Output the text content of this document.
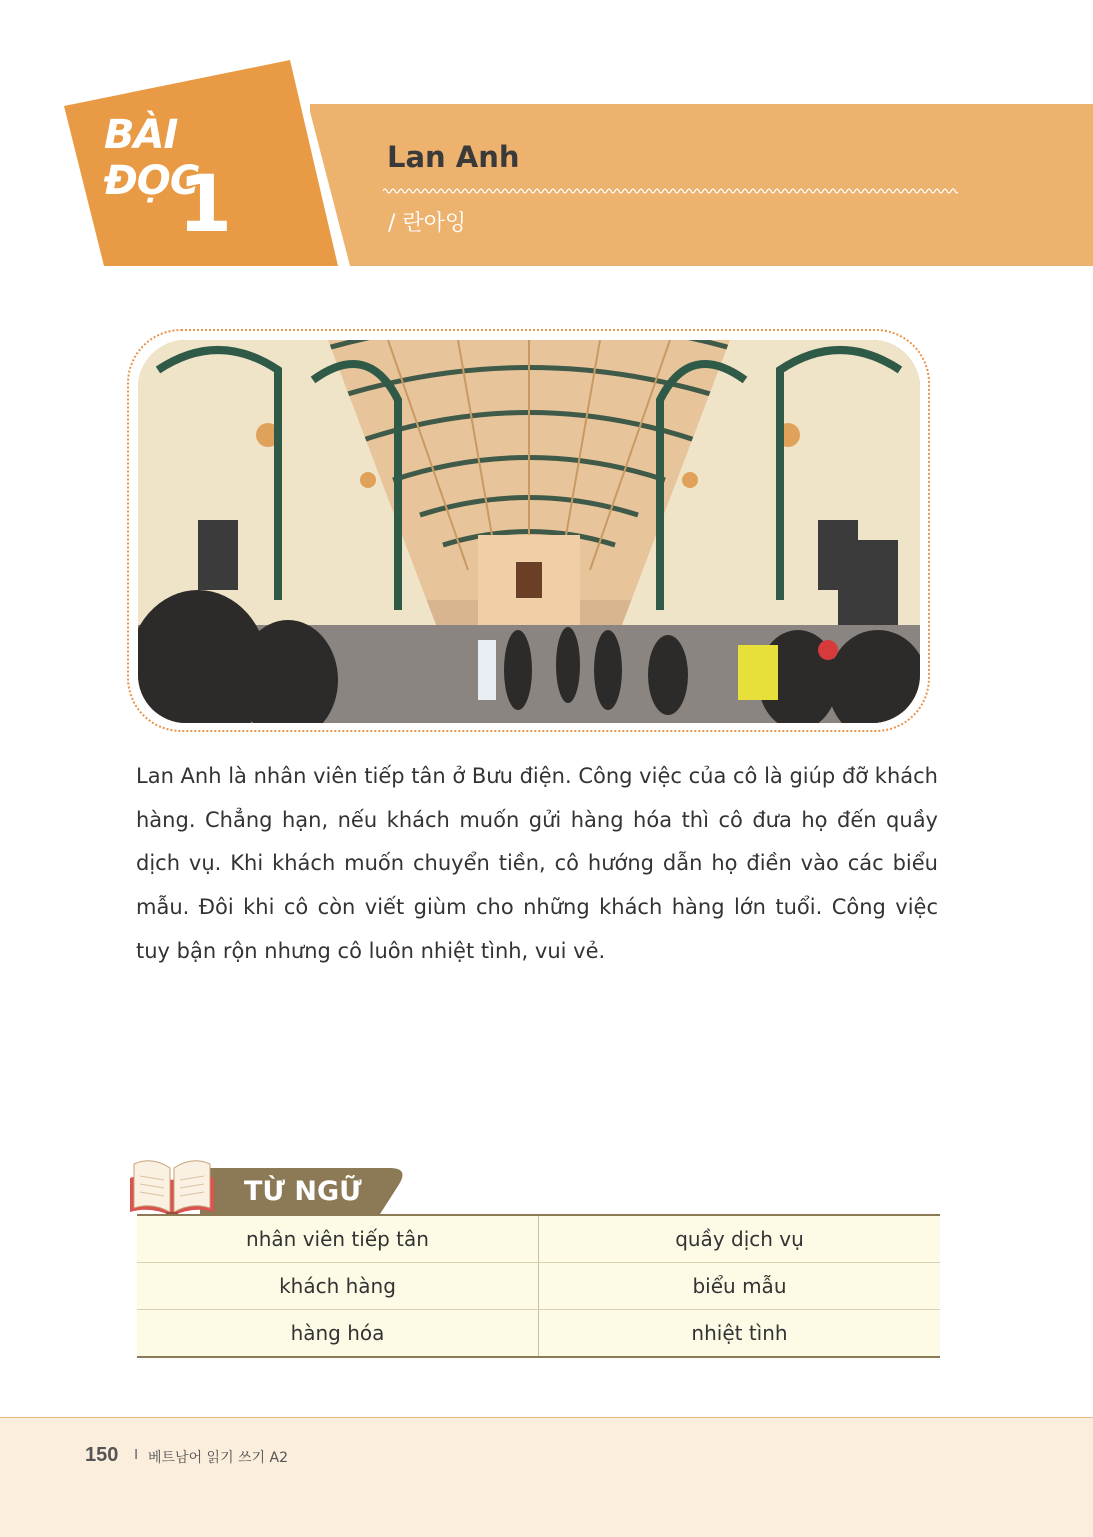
BÀI ĐỌC
1
Lan Anh
/ 란아잉

Lan Anh là nhân viên tiếp tân ở Bưu điện. Công việc của cô là giúp đỡ khách hàng. Chẳng hạn, nếu khách muốn gửi hàng hóa thì cô đưa họ đến quầy dịch vụ. Khi khách muốn chuyển tiền, cô hướng dẫn họ điền vào các biểu mẫu. Đôi khi cô còn viết giùm cho những khách hàng lớn tuổi. Công việc tuy bận rộn nhưng cô luôn nhiệt tình, vui vẻ.

TỪ NGỮ
nhân viên tiếp tân	quầy dịch vụ
khách hàng	biểu mẫu
hàng hóa	nhiệt tình
150 I 베트남어 읽기 쓰기 A2
